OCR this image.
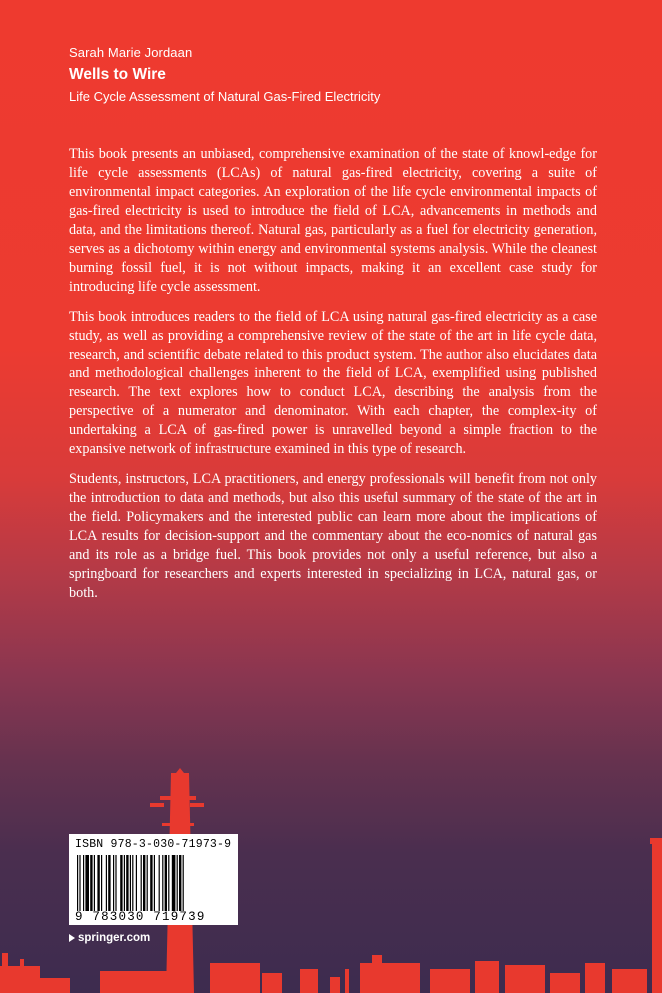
Sarah Marie Jordaan
Wells to Wire
Life Cycle Assessment of Natural Gas-Fired Electricity

This book presents an unbiased, comprehensive examination of the state of knowl-edge for life cycle assessments (LCAs) of natural gas-fired electricity, covering a suite of environmental impact categories. An exploration of the life cycle environmental impacts of gas-fired electricity is used to introduce the field of LCA, advancements in methods and data, and the limitations thereof. Natural gas, particularly as a fuel for electricity generation, serves as a dichotomy within energy and environmental systems analysis. While the cleanest burning fossil fuel, it is not without impacts, making it an excellent case study for introducing life cycle assessment.

This book introduces readers to the field of LCA using natural gas-fired electricity as a case study, as well as providing a comprehensive review of the state of the art in life cycle data, research, and scientific debate related to this product system. The author also elucidates data and methodological challenges inherent to the field of LCA, exemplified using published research. The text explores how to conduct LCA, describing the analysis from the perspective of a numerator and denominator. With each chapter, the complex-ity of undertaking a LCA of gas-fired power is unravelled beyond a simple fraction to the expansive network of infrastructure examined in this type of research.

Students, instructors, LCA practitioners, and energy professionals will benefit from not only the introduction to data and methods, but also this useful summary of the state of the art in the field. Policymakers and the interested public can learn more about the implications of LCA results for decision-support and the commentary about the eco-nomics of natural gas and its role as a bridge fuel. This book provides not only a useful reference, but also a springboard for researchers and experts interested in specializing in LCA, natural gas, or both.

ISBN 978-3-030-71973-9
9 783030 719739
springer.com
